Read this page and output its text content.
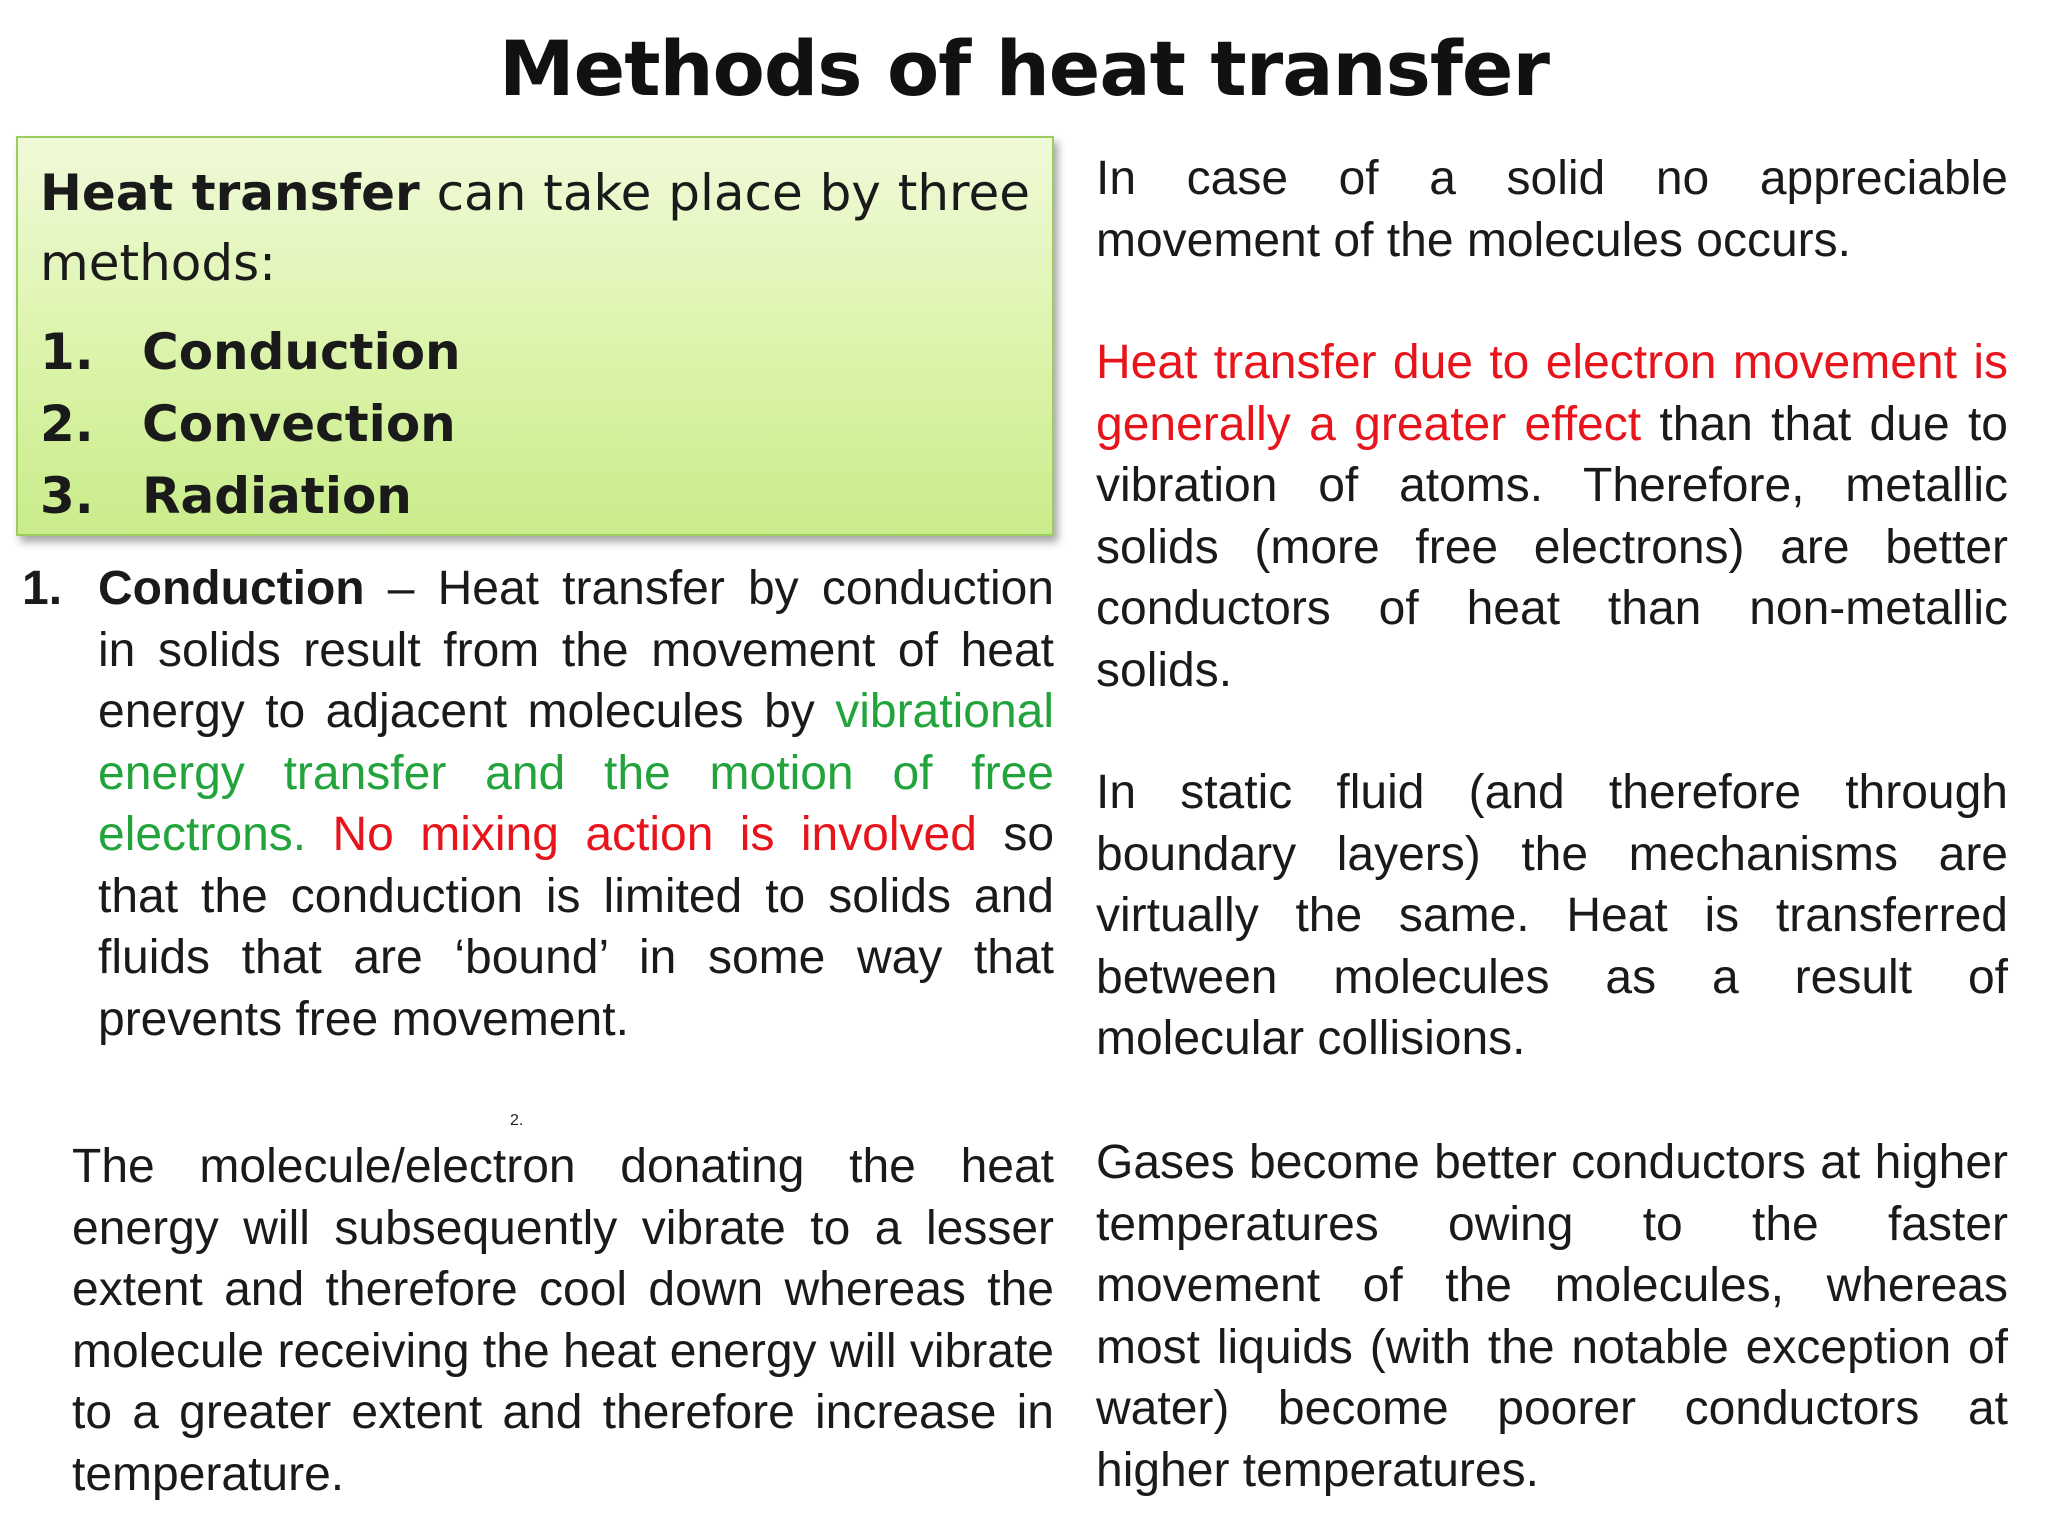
Methods of heat transfer

Heat transfer can take place by three methods:

1. Conduction
2. Convection
3. Radiation
1. Conduction – Heat transfer by conduction in solids result from the movement of heat energy to adjacent molecules by vibrational energy transfer and the motion of free electrons. No mixing action is involved so that the conduction is limited to solids and fluids that are ‘bound’ in some way that prevents free movement.
2.

The molecule/electron donating the heat energy will subsequently vibrate to a lesser extent and therefore cool down whereas the molecule receiving the heat energy will vibrate to a greater extent and therefore increase in temperature.

In case of a solid no appreciable movement of the molecules occurs.

Heat transfer due to electron movement is generally a greater effect than that due to vibration of atoms. Therefore, metallic solids (more free electrons) are better conductors of heat than non-metallic solids.

In static fluid (and therefore through boundary layers) the mechanisms are virtually the same. Heat is transferred between molecules as a result of molecular collisions.

Gases become better conductors at higher temperatures owing to the faster movement of the molecules, whereas most liquids (with the notable exception of water) become poorer conductors at higher temperatures.
